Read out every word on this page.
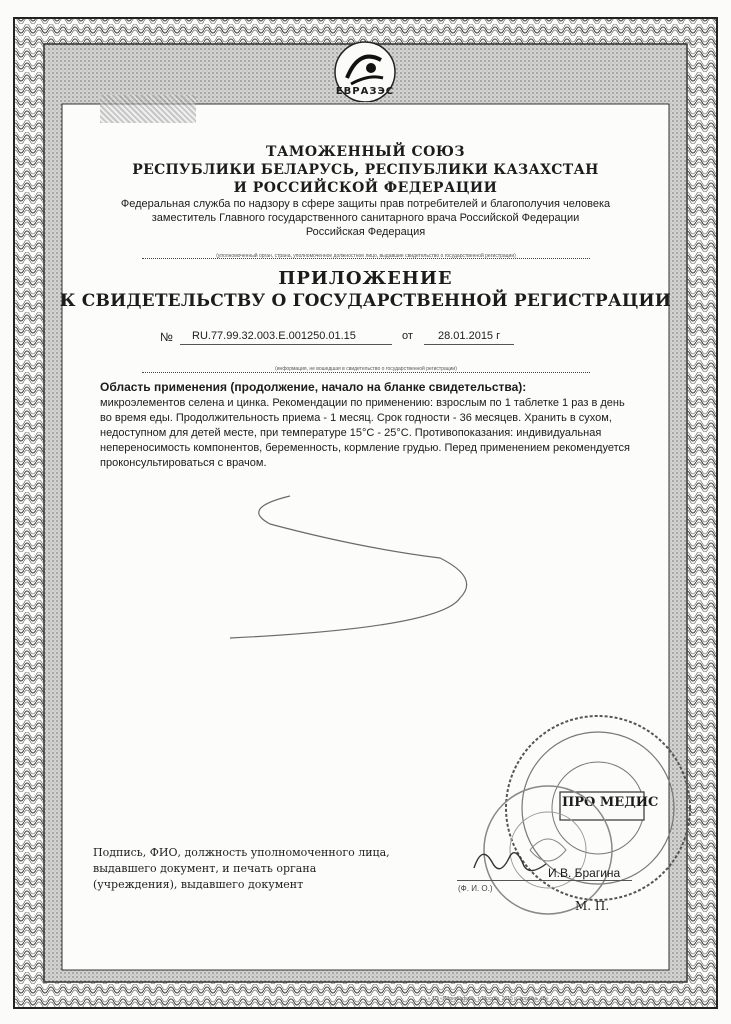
ЕВРАЗЭС
ТАМОЖЕННЫЙ СОЮЗ
РЕСПУБЛИКИ БЕЛАРУСЬ, РЕСПУБЛИКИ КАЗАХСТАН
И РОССИЙСКОЙ ФЕДЕРАЦИИ
Федеральная служба по надзору в сфере защиты прав потребителей и благополучия человека
заместитель Главного государственного санитарного врача Российской Федерации
Российская Федерация
(уполномоченный орган, страна, уполномоченное должностное лицо, выдавшие свидетельство о государственной регистрации)
ПРИЛОЖЕНИЕ
К СВИДЕТЕЛЬСТВУ О ГОСУДАРСТВЕННОЙ РЕГИСТРАЦИИ
№ RU.77.99.32.003.E.001250.01.15	от 28.01.2015 г
(информация, не вошедшая в свидетельство о государственной регистрации)
Область применения (продолжение, начало на бланке свидетельства):
микроэлементов селена и цинка. Рекомендации по применению: взрослым по 1 таблетке 1 раз в день во время еды. Продолжительность приема - 1 месяц. Срок годности - 36 месяцев. Хранить в сухом, недоступном для детей месте, при температуре 15°С - 25°С. Противопоказания: индивидуальная непереносимость компонентов, беременность, кормление грудью. Перед применением рекомендуется проконсультироваться с врачом.
ПРО МЕДИС
Подпись, ФИО, должность уполномоченного лица, выдавшего документ, и печать органа (учреждения), выдавшего документ
И.В. Брагина
(Ф. И. О.)
М. П.
«…» ТО «Полиграфия», т. Москва, 2015 г., уровень «В»
